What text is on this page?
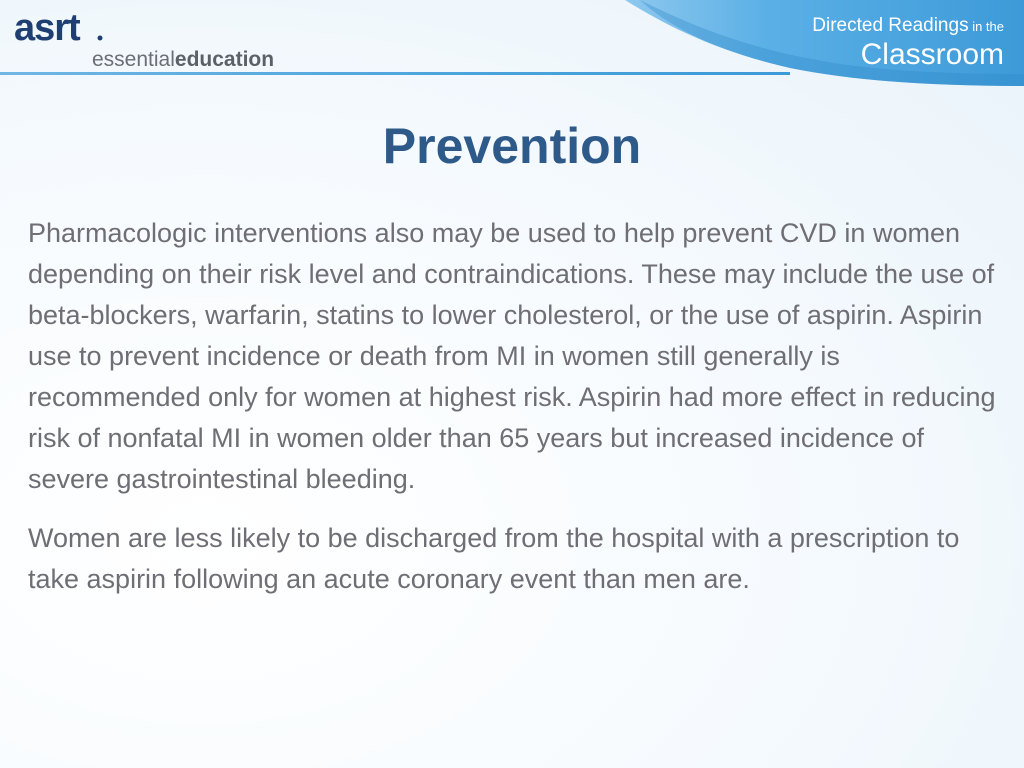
asrt
essentialeducation
Directed Readings in the
Classroom
Prevention

Pharmacologic interventions also may be used to help prevent CVD in women depending on their risk level and contraindications. These may include the use of beta-blockers, warfarin, statins to lower cholesterol, or the use of aspirin. Aspirin use to prevent incidence or death from MI in women still generally is recommended only for women at highest risk. Aspirin had more effect in reducing risk of nonfatal MI in women older than 65 years but increased incidence of severe gastrointestinal bleeding.

Women are less likely to be discharged from the hospital with a prescription to take aspirin following an acute coronary event than men are.
